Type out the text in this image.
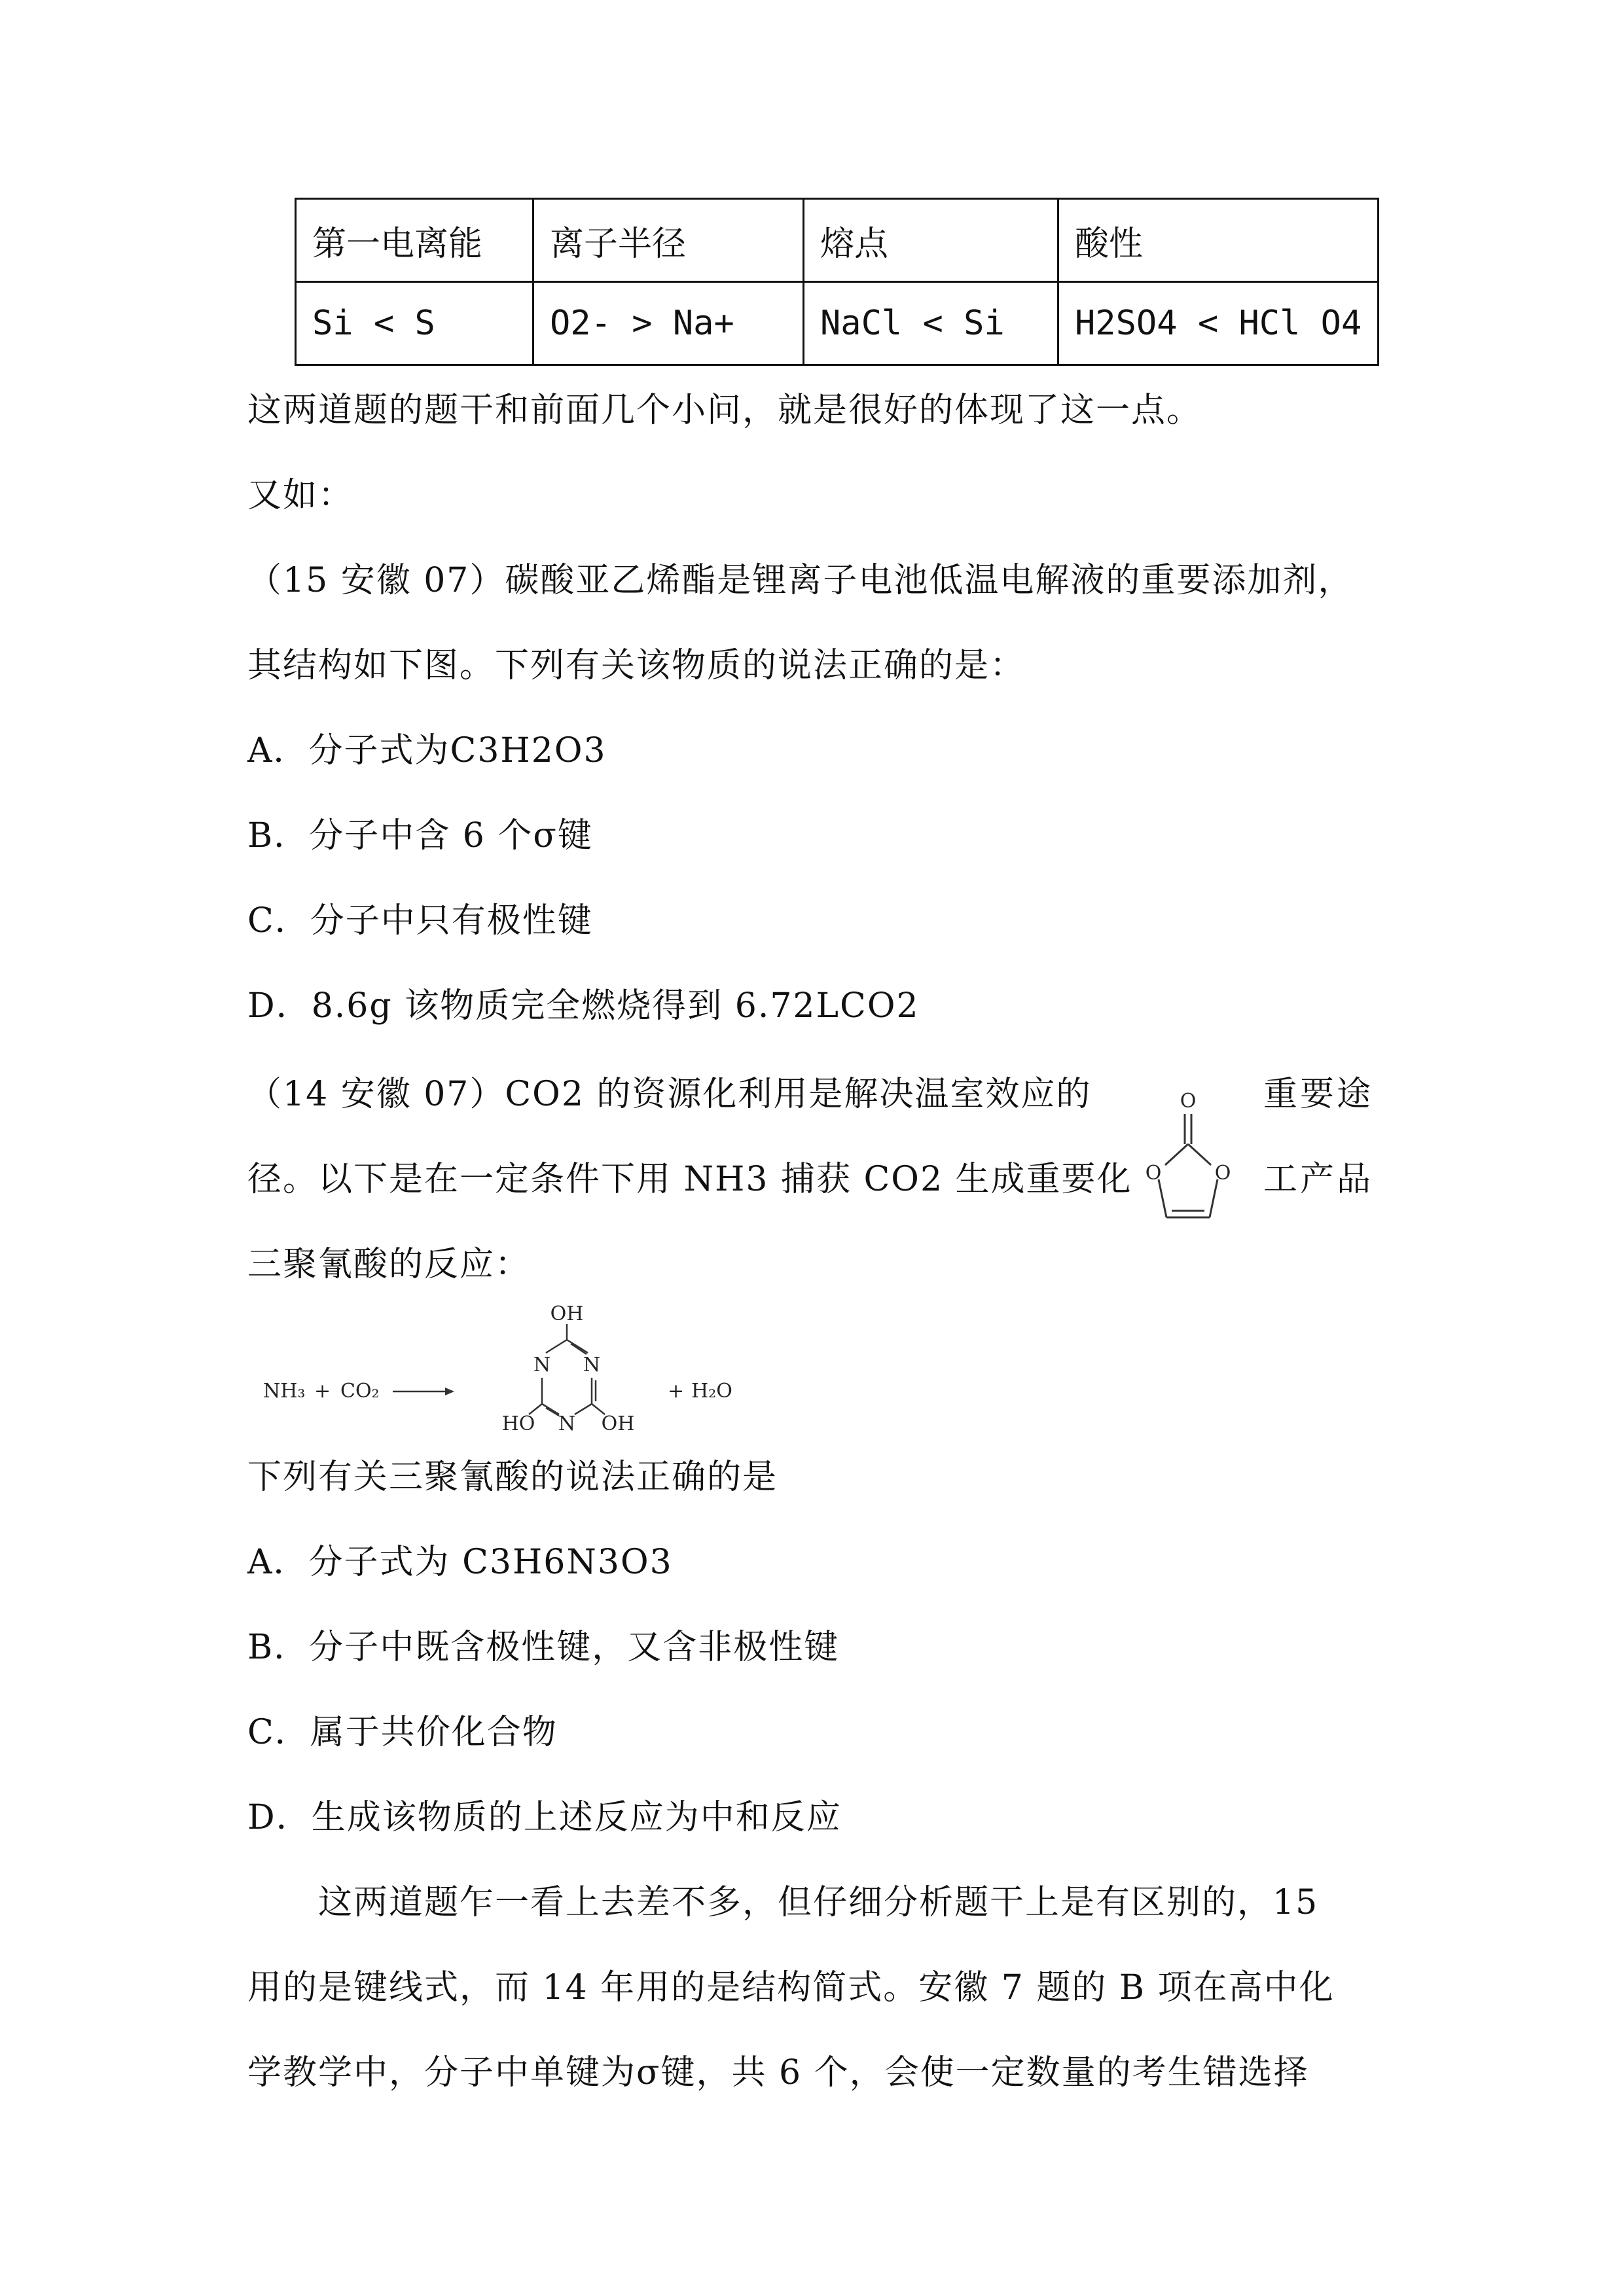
第一电离能	离子半径	熔点	酸性
Si < S	O2- > Na+	NaCl < Si	H2SO4 < HCl O4
这两道题的题干和前面几个小问，就是很好的体现了这一点。
又如：
（15 安徽 07）碳酸亚乙烯酯是锂离子电池低温电解液的重要添加剂，
其结构如下图。下列有关该物质的说法正确的是：
A．分子式为C3H2O3
B．分子中含 6 个σ键
C．分子中只有极性键
D．8.6g 该物质完全燃烧得到 6.72LCO2
（14 安徽 07）CO2 的资源化利用是解决温室效应的	重要途
径。以下是在一定条件下用 NH3 捕获 CO2 生成重要化	工产品
三聚氰酸的反应：
O
O	O
NH₃ + CO₂
OH
N N
N
HO	OH
+ H₂O
下列有关三聚氰酸的说法正确的是
A．分子式为 C3H6N3O3
B．分子中既含极性键，又含非极性键
C．属于共价化合物
D．生成该物质的上述反应为中和反应
　　这两道题乍一看上去差不多，但仔细分析题干上是有区别的，15
用的是键线式，而 14 年用的是结构简式。安徽 7 题的 B 项在高中化
学教学中，分子中单键为σ键，共 6 个，会使一定数量的考生错选择
